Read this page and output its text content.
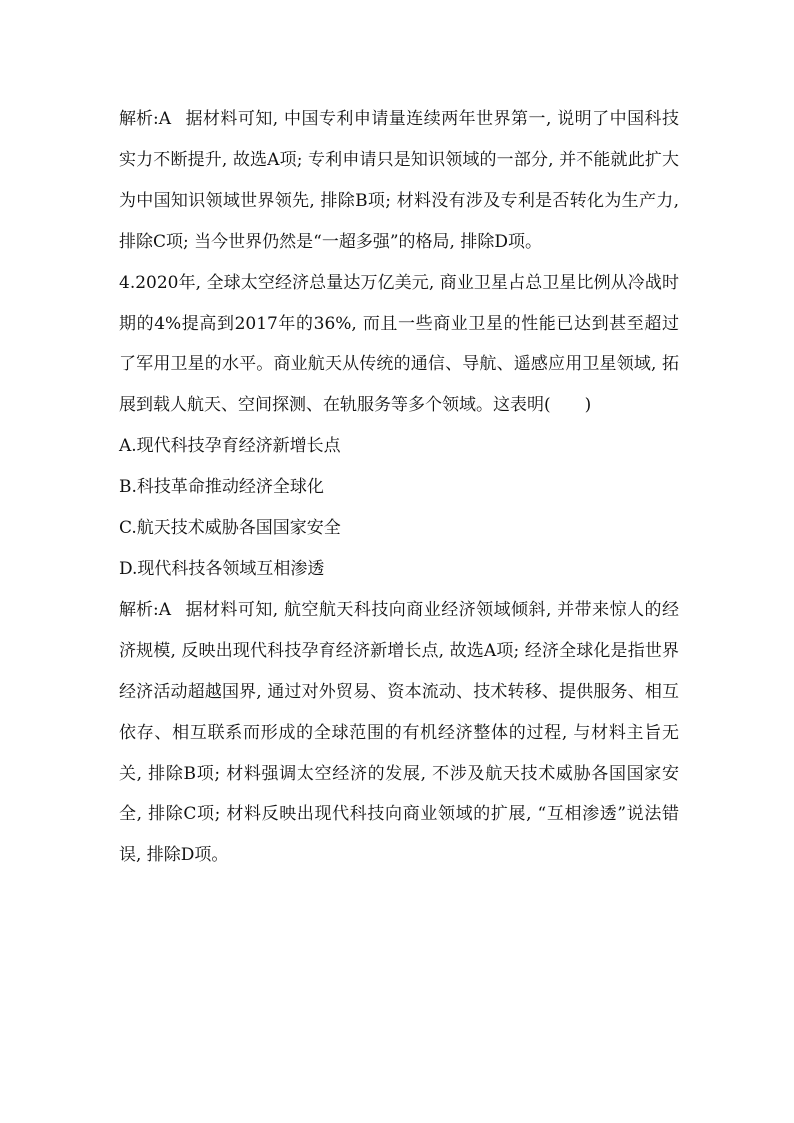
解析:A 据材料可知, 中国专利申请量连续两年世界第一, 说明了中国科技实力不断提升, 故选A项; 专利申请只是知识领域的一部分, 并不能就此扩大为中国知识领域世界领先, 排除B项; 材料没有涉及专利是否转化为生产力, 排除C项; 当今世界仍然是“一超多强”的格局, 排除D项。

4.2020年, 全球太空经济总量达万亿美元, 商业卫星占总卫星比例从冷战时期的4%提高到2017年的36%, 而且一些商业卫星的性能已达到甚至超过了军用卫星的水平。商业航天从传统的通信、导航、遥感应用卫星领域, 拓展到载人航天、空间探测、在轨服务等多个领域。这表明(　　)

A.现代科技孕育经济新增长点

B.科技革命推动经济全球化

C.航天技术威胁各国国家安全

D.现代科技各领域互相渗透

解析:A 据材料可知, 航空航天科技向商业经济领域倾斜, 并带来惊人的经济规模, 反映出现代科技孕育经济新增长点, 故选A项; 经济全球化是指世界经济活动超越国界, 通过对外贸易、资本流动、技术转移、提供服务、相互依存、相互联系而形成的全球范围的有机经济整体的过程, 与材料主旨无关, 排除B项; 材料强调太空经济的发展, 不涉及航天技术威胁各国国家安全, 排除C项; 材料反映出现代科技向商业领域的扩展, “互相渗透”说法错误, 排除D项。
